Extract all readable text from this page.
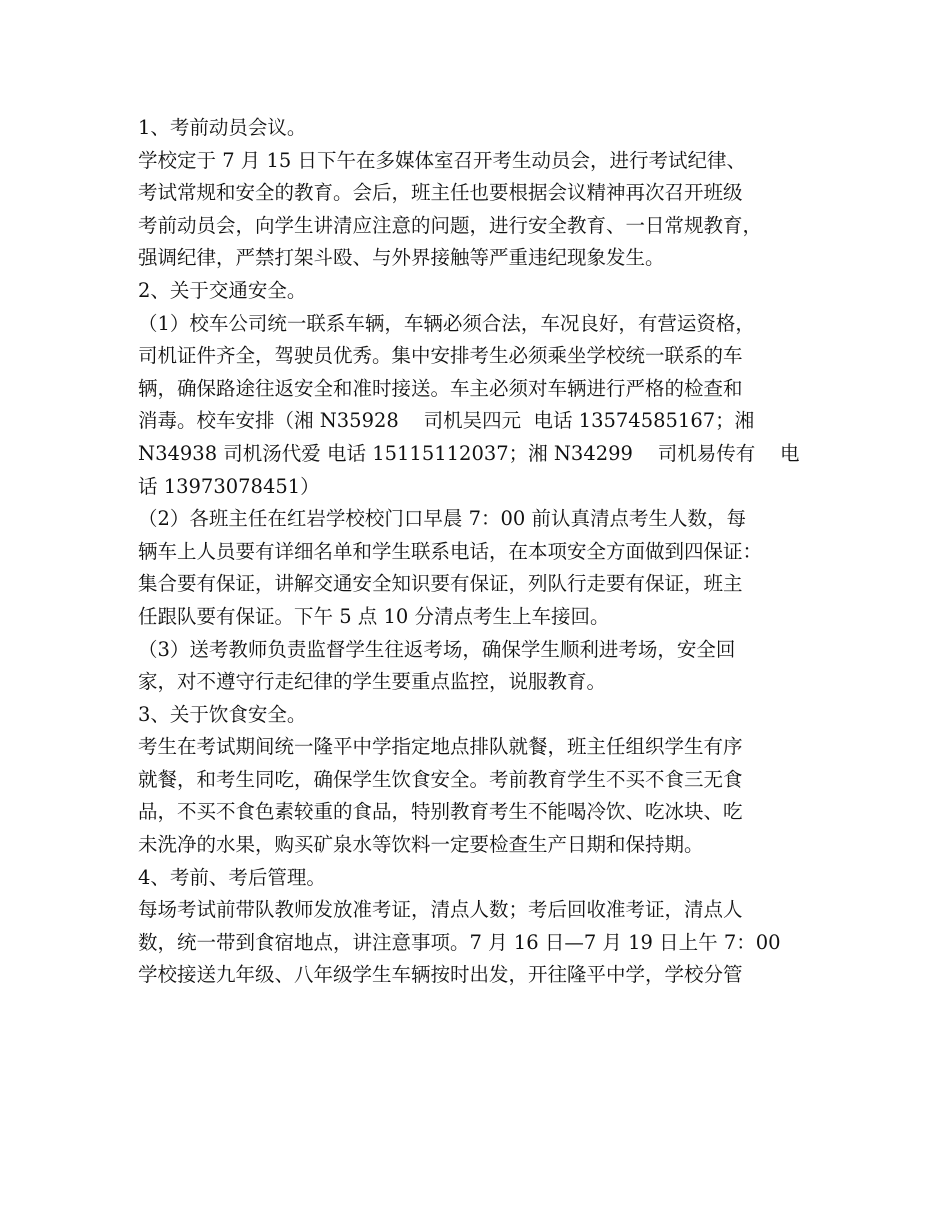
1、考前动员会议。
学校定于 7 月 15 日下午在多媒体室召开考生动员会，进行考试纪律、
考试常规和安全的教育。会后，班主任也要根据会议精神再次召开班级
考前动员会，向学生讲清应注意的问题，进行安全教育、一日常规教育，
强调纪律，严禁打架斗殴、与外界接触等严重违纪现象发生。
2、关于交通安全。
（1）校车公司统一联系车辆，车辆必须合法，车况良好，有营运资格，
司机证件齐全，驾驶员优秀。集中安排考生必须乘坐学校统一联系的车
辆，确保路途往返安全和准时接送。车主必须对车辆进行严格的检查和
消毒。校车安排（湘 N35928    司机吴四元  电话 13574585167；湘
N34938 司机汤代爱 电话 15115112037；湘 N34299    司机易传有    电
话 13973078451）
（2）各班主任在红岩学校校门口早晨 7：00 前认真清点考生人数，每
辆车上人员要有详细名单和学生联系电话，在本项安全方面做到四保证：
集合要有保证，讲解交通安全知识要有保证，列队行走要有保证，班主
任跟队要有保证。下午 5 点 10 分清点考生上车接回。
（3）送考教师负责监督学生往返考场，确保学生顺利进考场，安全回
家，对不遵守行走纪律的学生要重点监控，说服教育。
3、关于饮食安全。
考生在考试期间统一隆平中学指定地点排队就餐，班主任组织学生有序
就餐，和考生同吃，确保学生饮食安全。考前教育学生不买不食三无食
品，不买不食色素较重的食品，特别教育考生不能喝冷饮、吃冰块、吃
未洗净的水果，购买矿泉水等饮料一定要检查生产日期和保持期。
4、考前、考后管理。
每场考试前带队教师发放准考证，清点人数；考后回收准考证，清点人
数，统一带到食宿地点，讲注意事项。7 月 16 日—7 月 19 日上午 7：00
学校接送九年级、八年级学生车辆按时出发，开往隆平中学，学校分管
